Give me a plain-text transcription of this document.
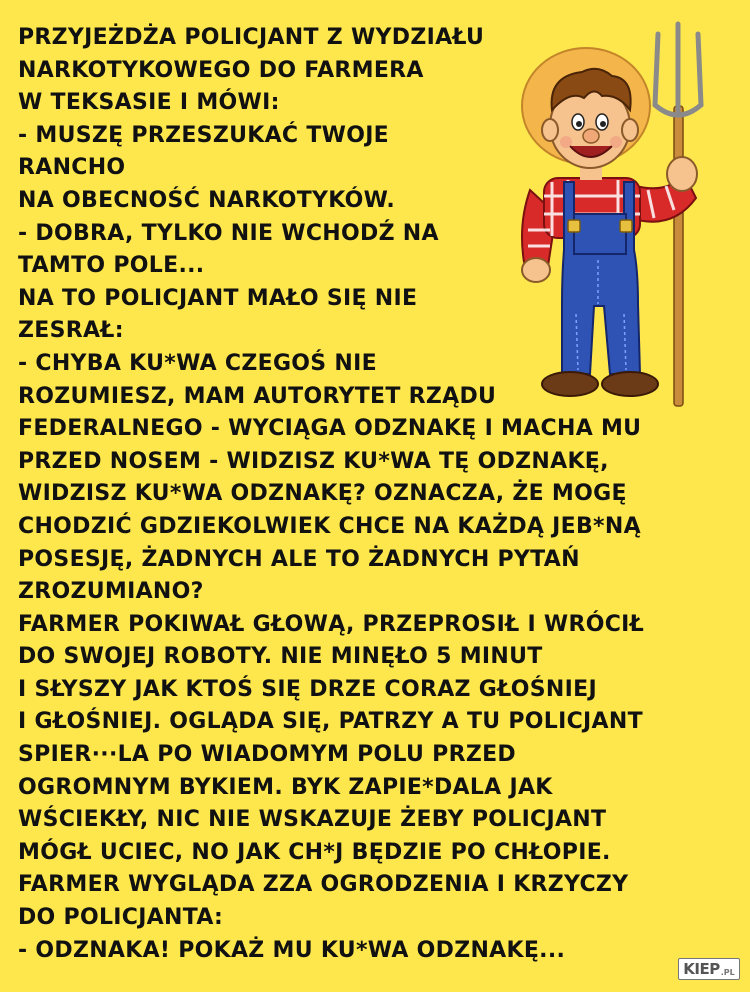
PRZYJEŻDŻA POLICJANT Z WYDZIAŁU
NARKOTYKOWEGO DO FARMERA
W TEKSASIE I MÓWI:
- MUSZĘ PRZESZUKAĆ TWOJE
RANCHO
NA OBECNOŚĆ NARKOTYKÓW.
- DOBRA, TYLKO NIE WCHODŹ NA
TAMTO POLE...
NA TO POLICJANT MAŁO SIĘ NIE
ZESRAŁ:
- CHYBA KU*WA CZEGOŚ NIE
ROZUMIESZ, MAM AUTORYTET RZĄDU
FEDERALNEGO - WYCIĄGA ODZNAKĘ I MACHA MU
PRZED NOSEM - WIDZISZ KU*WA TĘ ODZNAKĘ,
WIDZISZ KU*WA ODZNAKĘ? OZNACZA, ŻE MOGĘ
CHODZIĆ GDZIEKOLWIEK CHCE NA KAŻDĄ JEB*NĄ
POSESJĘ, ŻADNYCH ALE TO ŻADNYCH PYTAŃ
ZROZUMIANO?
FARMER POKIWAŁ GŁOWĄ, PRZEPROSIŁ I WRÓCIŁ
DO SWOJEJ ROBOTY. NIE MINĘŁO 5 MINUT
I SŁYSZY JAK KTOŚ SIĘ DRZE CORAZ GŁOŚNIEJ
I GŁOŚNIEJ. OGLĄDA SIĘ, PATRZY A TU POLICJANT
SPIER···LA PO WIADOMYM POLU PRZED
OGROMNYM BYKIEM. BYK ZAPIE*DALA JAK
WŚCIEKŁY, NIC NIE WSKAZUJE ŻEBY POLICJANT
MÓGŁ UCIEC, NO JAK CH*J BĘDZIE PO CHŁOPIE.
FARMER WYGLĄDA ZZA OGRODZENIA I KRZYCZY
DO POLICJANTA:
- ODZNAKA! POKAŻ MU KU*WA ODZNAKĘ...
KIEP .PL
